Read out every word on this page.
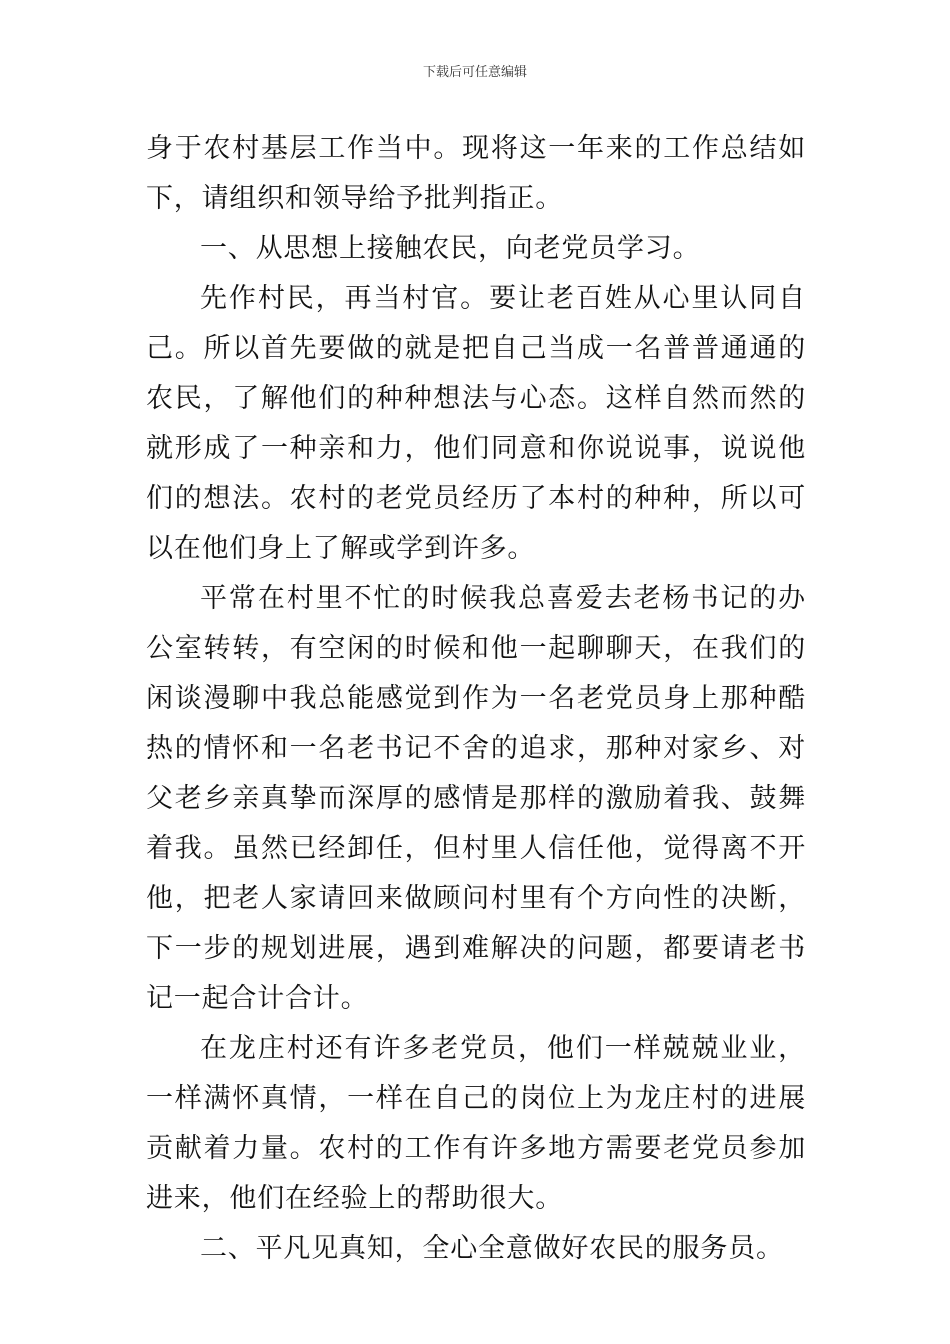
下载后可任意编辑

身于农村基层工作当中。现将这一年来的工作总结如下，请组织和领导给予批判指正。

一、从思想上接触农民，向老党员学习。

先作村民，再当村官。要让老百姓从心里认同自己。所以首先要做的就是把自己当成一名普普通通的农民，了解他们的种种想法与心态。这样自然而然的就形成了一种亲和力，他们同意和你说说事，说说他们的想法。农村的老党员经历了本村的种种，所以可以在他们身上了解或学到许多。

平常在村里不忙的时候我总喜爱去老杨书记的办公室转转，有空闲的时候和他一起聊聊天，在我们的闲谈漫聊中我总能感觉到作为一名老党员身上那种酷热的情怀和一名老书记不舍的追求，那种对家乡、对父老乡亲真挚而深厚的感情是那样的激励着我、鼓舞着我。虽然已经卸任，但村里人信任他，觉得离不开他，把老人家请回来做顾问村里有个方向性的决断，下一步的规划进展，遇到难解决的问题，都要请老书记一起合计合计。

在龙庄村还有许多老党员，他们一样兢兢业业，一样满怀真情，一样在自己的岗位上为龙庄村的进展贡献着力量。农村的工作有许多地方需要老党员参加进来，他们在经验上的帮助很大。

二、平凡见真知，全心全意做好农民的服务员。
